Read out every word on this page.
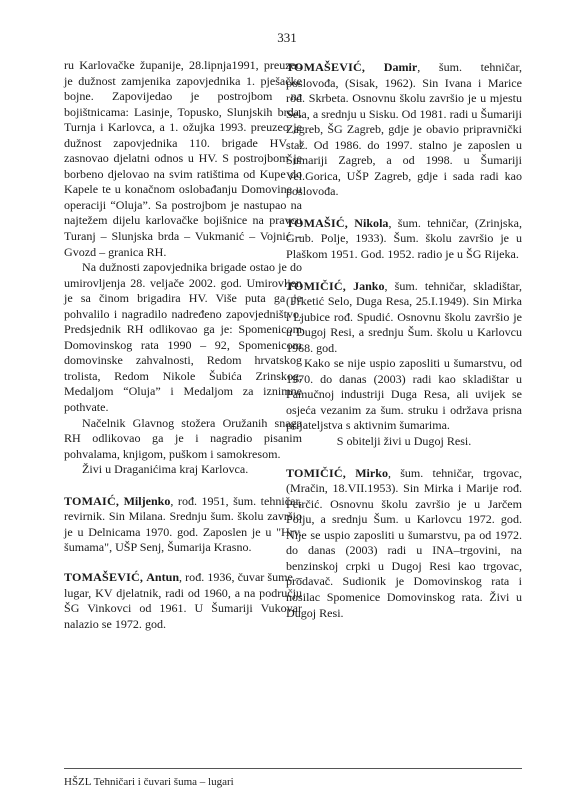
331

ru Karlovačke županije, 28.lipnja1991, preuzeo je dužnost zamjenika zapovjednika 1. pješačke bojne. Zapovijedao je postrojbom na bojištnicama: Lasinje, Topusko, Slunjskih brda, Turnja i Karlovca, a 1. ožujka 1993. preuzeo je dužnost zapovjednika 110. brigade HV i zasnovao djelatni odnos u HV. S postrojbom je borbeno djelovao na svim ratištima od Kupe do Kapele te u konačnom oslobađanju Domovine u operaciji “Oluja”. Sa postrojbom je nastupao na najtežem dijelu karlovačke bojišnice na pravcu Turanj – Slunjska brda – Vukmanić – Vojnić – Gvozd – granica RH.

Na dužnosti zapovjednika brigade ostao je do umirovljenja 28. veljače 2002. god. Umirovljen je sa činom brigadira HV. Više puta ga je pohvalilo i nagradilo nadređeno zapovjedništvo. Predsjednik RH odlikovao ga je: Spomenicom Domovinskog rata 1990 – 92, Spomenicom domovinske zahvalnosti, Redom hrvatskog trolista, Redom Nikole Šubića Zrinskog, Medaljom “Oluja” i Medaljom za iznimne pothvate.

Načelnik Glavnog stožera Oružanih snaga RH odlikovao ga je i nagradio pisanim pohvalama, knjigom, puškom i samokresom.

Živi u Draganićima kraj Karlovca.

TOMAIĆ, Miljenko, rođ. 1951, šum. tehničar, revirnik. Sin Milana. Srednju šum. školu završio je u Delnicama 1970. god. Zaposlen je u "Hrv. šumama", UŠP Senj, Šumarija Krasno.

TOMAŠEVIĆ, Antun, rođ. 1936, čuvar šume – lugar, KV djelatnik, radi od 1960, a na području ŠG Vinkovci od 1961. U Šumariji Vukovar nalazio se 1972. god.

TOMAŠEVIĆ, Damir, šum. tehničar, poslovođa, (Sisak, 1962). Sin Ivana i Marice rođ. Skrbeta. Osnovnu školu završio je u mjestu Sela, a srednju u Sisku. Od 1981. radi u Šumariji Zagreb, ŠG Zagreb, gdje je obavio pripravnički staž. Od 1986. do 1997. stalno je zaposlen u Šumariji Zagreb, a od 1998. u Šumariji Vel.Gorica, UŠP Zagreb, gdje i sada radi kao poslovođa.

TOMAŠIĆ, Nikola, šum. tehničar, (Zrinjska, Grub. Polje, 1933). Šum. školu završio je u Plaškom 1951. God. 1952. radio je u ŠG Rijeka.

TOMIČIĆ, Janko, šum. tehničar, skladištar, (Frketić Selo, Duga Resa, 25.I.1949). Sin Mirka i Ljubice rođ. Spudić. Osnovnu školu završio je u Dugoj Resi, a srednju Šum. školu u Karlovcu 1968. god.

Kako se nije uspio zaposliti u šumarstvu, od 1970. do danas (2003) radi kao skladištar u Pamučnoj industriji Duga Resa, ali uvijek se osjeća vezanim za šum. struku i održava prisna prijateljstva s aktivnim šumarima.

S obitelji živi u Dugoj Resi.

TOMIČIĆ, Mirko, šum. tehničar, trgovac, (Mračin, 18.VII.1953). Sin Mirka i Marije rođ. Petrčić. Osnovnu školu završio je u Jarčem Polju, a srednju Šum. u Karlovcu 1972. god. Nije se uspio zaposliti u šumarstvu, pa od 1972. do danas (2003) radi u INA–trgovini, na benzinskoj crpki u Dugoj Resi kao trgovac, prodavač. Sudionik je Domovinskog rata i nosilac Spomenice Domovinskog rata. Živi u Dugoj Resi.

HŠZL Tehničari i čuvari šuma – lugari
